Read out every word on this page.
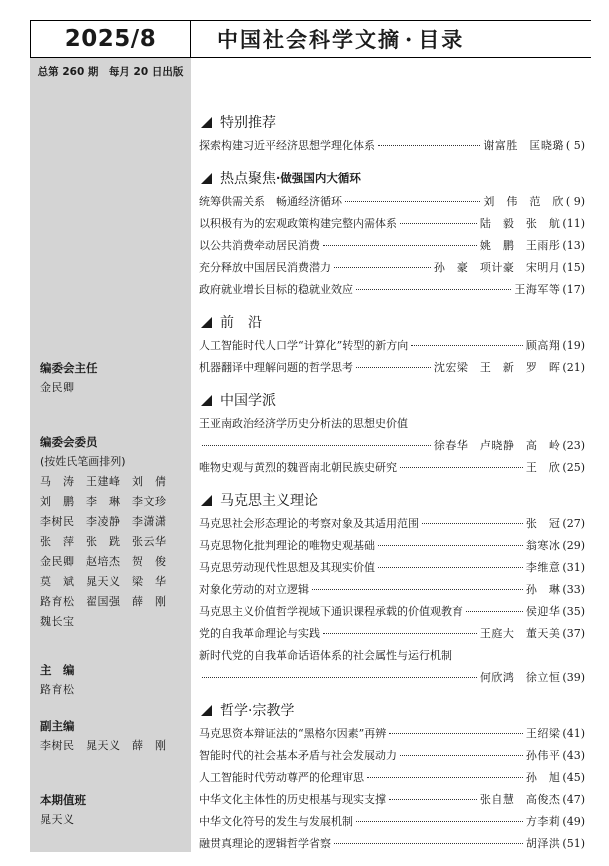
2025/8
总第 260 期　每月 20 日出版
编委会主任
金民卿
编委会委员
(按姓氏笔画排列)
马　涛　王建峰　刘　倩
刘　鹏　李　琳　李文珍
李树民　李凌静　李潇潇
张　萍　张　跣　张云华
金民卿　赵培杰　贺　俊
莫　斌　晁天义　梁　华
路育松　翟国强　薛　刚
魏长宝
主　编
路育松
副主编
李树民　晁天义　薛　刚
本期值班
晁天义
中国社会科学文摘 · 目录
特别推荐
探索构建习近平经济思想学理化体系	谢富胜　匡晓璐 ( 5)
热点聚焦 ·做强国内大循环
统筹供需关系　畅通经济循环	刘　伟　范　欣 ( 9)
以积极有为的宏观政策构建完整内需体系	陆　毅　张　航 (11)
以公共消费牵动居民消费	姚　鹏　王雨彤 (13)
充分释放中国居民消费潜力	孙　豪　项计豪　宋明月 (15)
政府就业增长目标的稳就业效应	王海军等 (17)
前　沿
人工智能时代人口学“计算化”转型的新方向	顾高翔 (19)
机器翻译中理解问题的哲学思考	沈宏梁　王　新　罗　晖 (21)
中国学派
王亚南政治经济学历史分析法的思想史价值
徐春华　卢晓静　高　岭 (23)
唯物史观与黄烈的魏晋南北朝民族史研究	王　欣 (25)
马克思主义理论
马克思社会形态理论的考察对象及其适用范围	张　冠 (27)
马克思物化批判理论的唯物史观基础	翁寒冰 (29)
马克思劳动现代性思想及其现实价值	李维意 (31)
对象化劳动的对立逻辑	孙　琳 (33)
马克思主义价值哲学视域下通识课程承载的价值观教育	侯迎华 (35)
党的自我革命理论与实践	王庭大　董天美 (37)
新时代党的自我革命话语体系的社会属性与运行机制
何欣鸿　徐立恒 (39)
哲学·宗教学
马克思资本辩证法的“黑格尔因素”再辨	王绍梁 (41)
智能时代的社会基本矛盾与社会发展动力	孙伟平 (43)
人工智能时代劳动尊严的伦理审思	孙　旭 (45)
中华文化主体性的历史根基与现实支撑	张自慧　高俊杰 (47)
中华文化符号的发生与发展机制	方李莉 (49)
融贯真理论的逻辑哲学省察	胡泽洪 (51)
